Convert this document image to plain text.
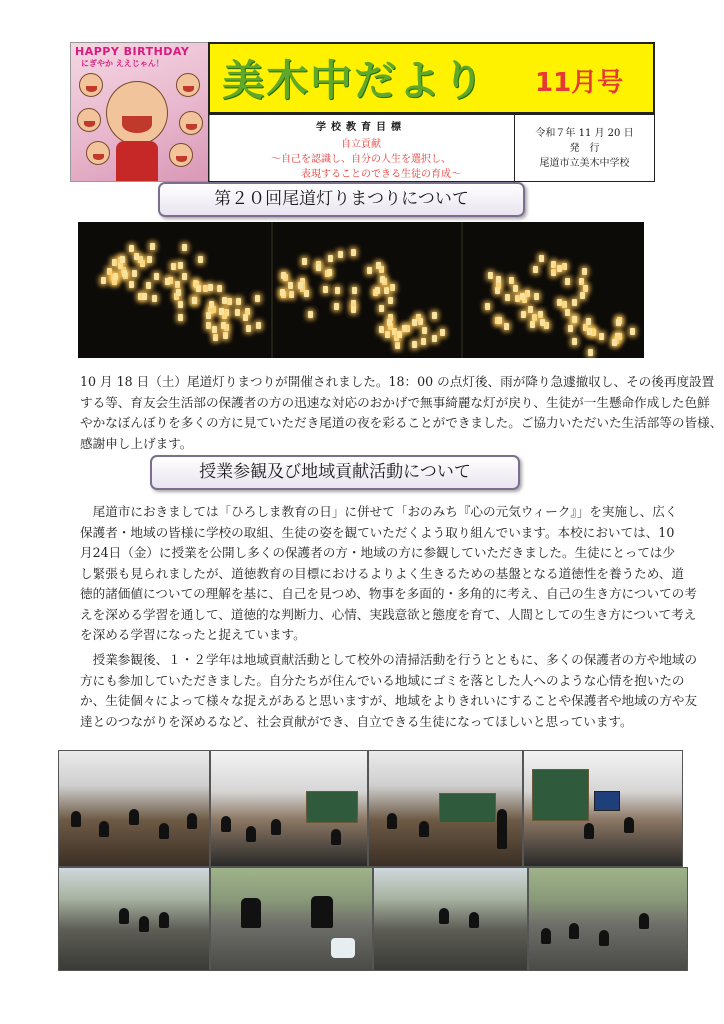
HAPPY BIRTHDAY
にぎやか ええじゃん！ 美木中だより 11月号
学校教育目標
自立貢献
～自己を認識し、自分の人生を選択し、
表現することのできる生徒の育成～
令和７年 11 月 20 日
発　行
尾道市立美木中学校
第２０回尾道灯りまつりについて
10 月 18 日（土）尾道灯りまつりが開催されました。18：00 の点灯後、雨が降り急遽撤収し、その後再度設置
する等、育友会生活部の保護者の方の迅速な対応のおかげで無事綺麗な灯が戻り、生徒が一生懸命作成した色鮮
やかなぼんぼりを多くの方に見ていただき尾道の夜を彩ることができました。ご協力いただいた生活部等の皆様、
感謝申し上げます。
授業参観及び地域貢献活動について
　尾道市におきましては「ひろしま教育の日」に併せて「おのみち『心の元気ウィーク』」を実施し、広く
保護者・地域の皆様に学校の取組、生徒の姿を観ていただくよう取り組んでいます。本校においては、10
月24日（金）に授業を公開し多くの保護者の方・地域の方に参観していただきました。生徒にとっては少
し緊張も見られましたが、道徳教育の目標におけるよりよく生きるための基盤となる道徳性を養うため、道
徳的諸価値についての理解を基に、自己を見つめ、物事を多面的・多角的に考え、自己の生き方についての考
えを深める学習を通して、道徳的な判断力、心情、実践意欲と態度を育て、人間としての生き方について考え
を深める学習になったと捉えています。
　授業参観後、１・２学年は地域貢献活動として校外の清掃活動を行うとともに、多くの保護者の方や地域の
方にも参加していただきました。自分たちが住んでいる地域にゴミを落とした人へのような心情を抱いたの
か、生徒個々によって様々な捉えがあると思いますが、地域をよりきれいにすることや保護者や地域の方や友
達とのつながりを深めるなど、社会貢献ができ、自立できる生徒になってほしいと思っています。
